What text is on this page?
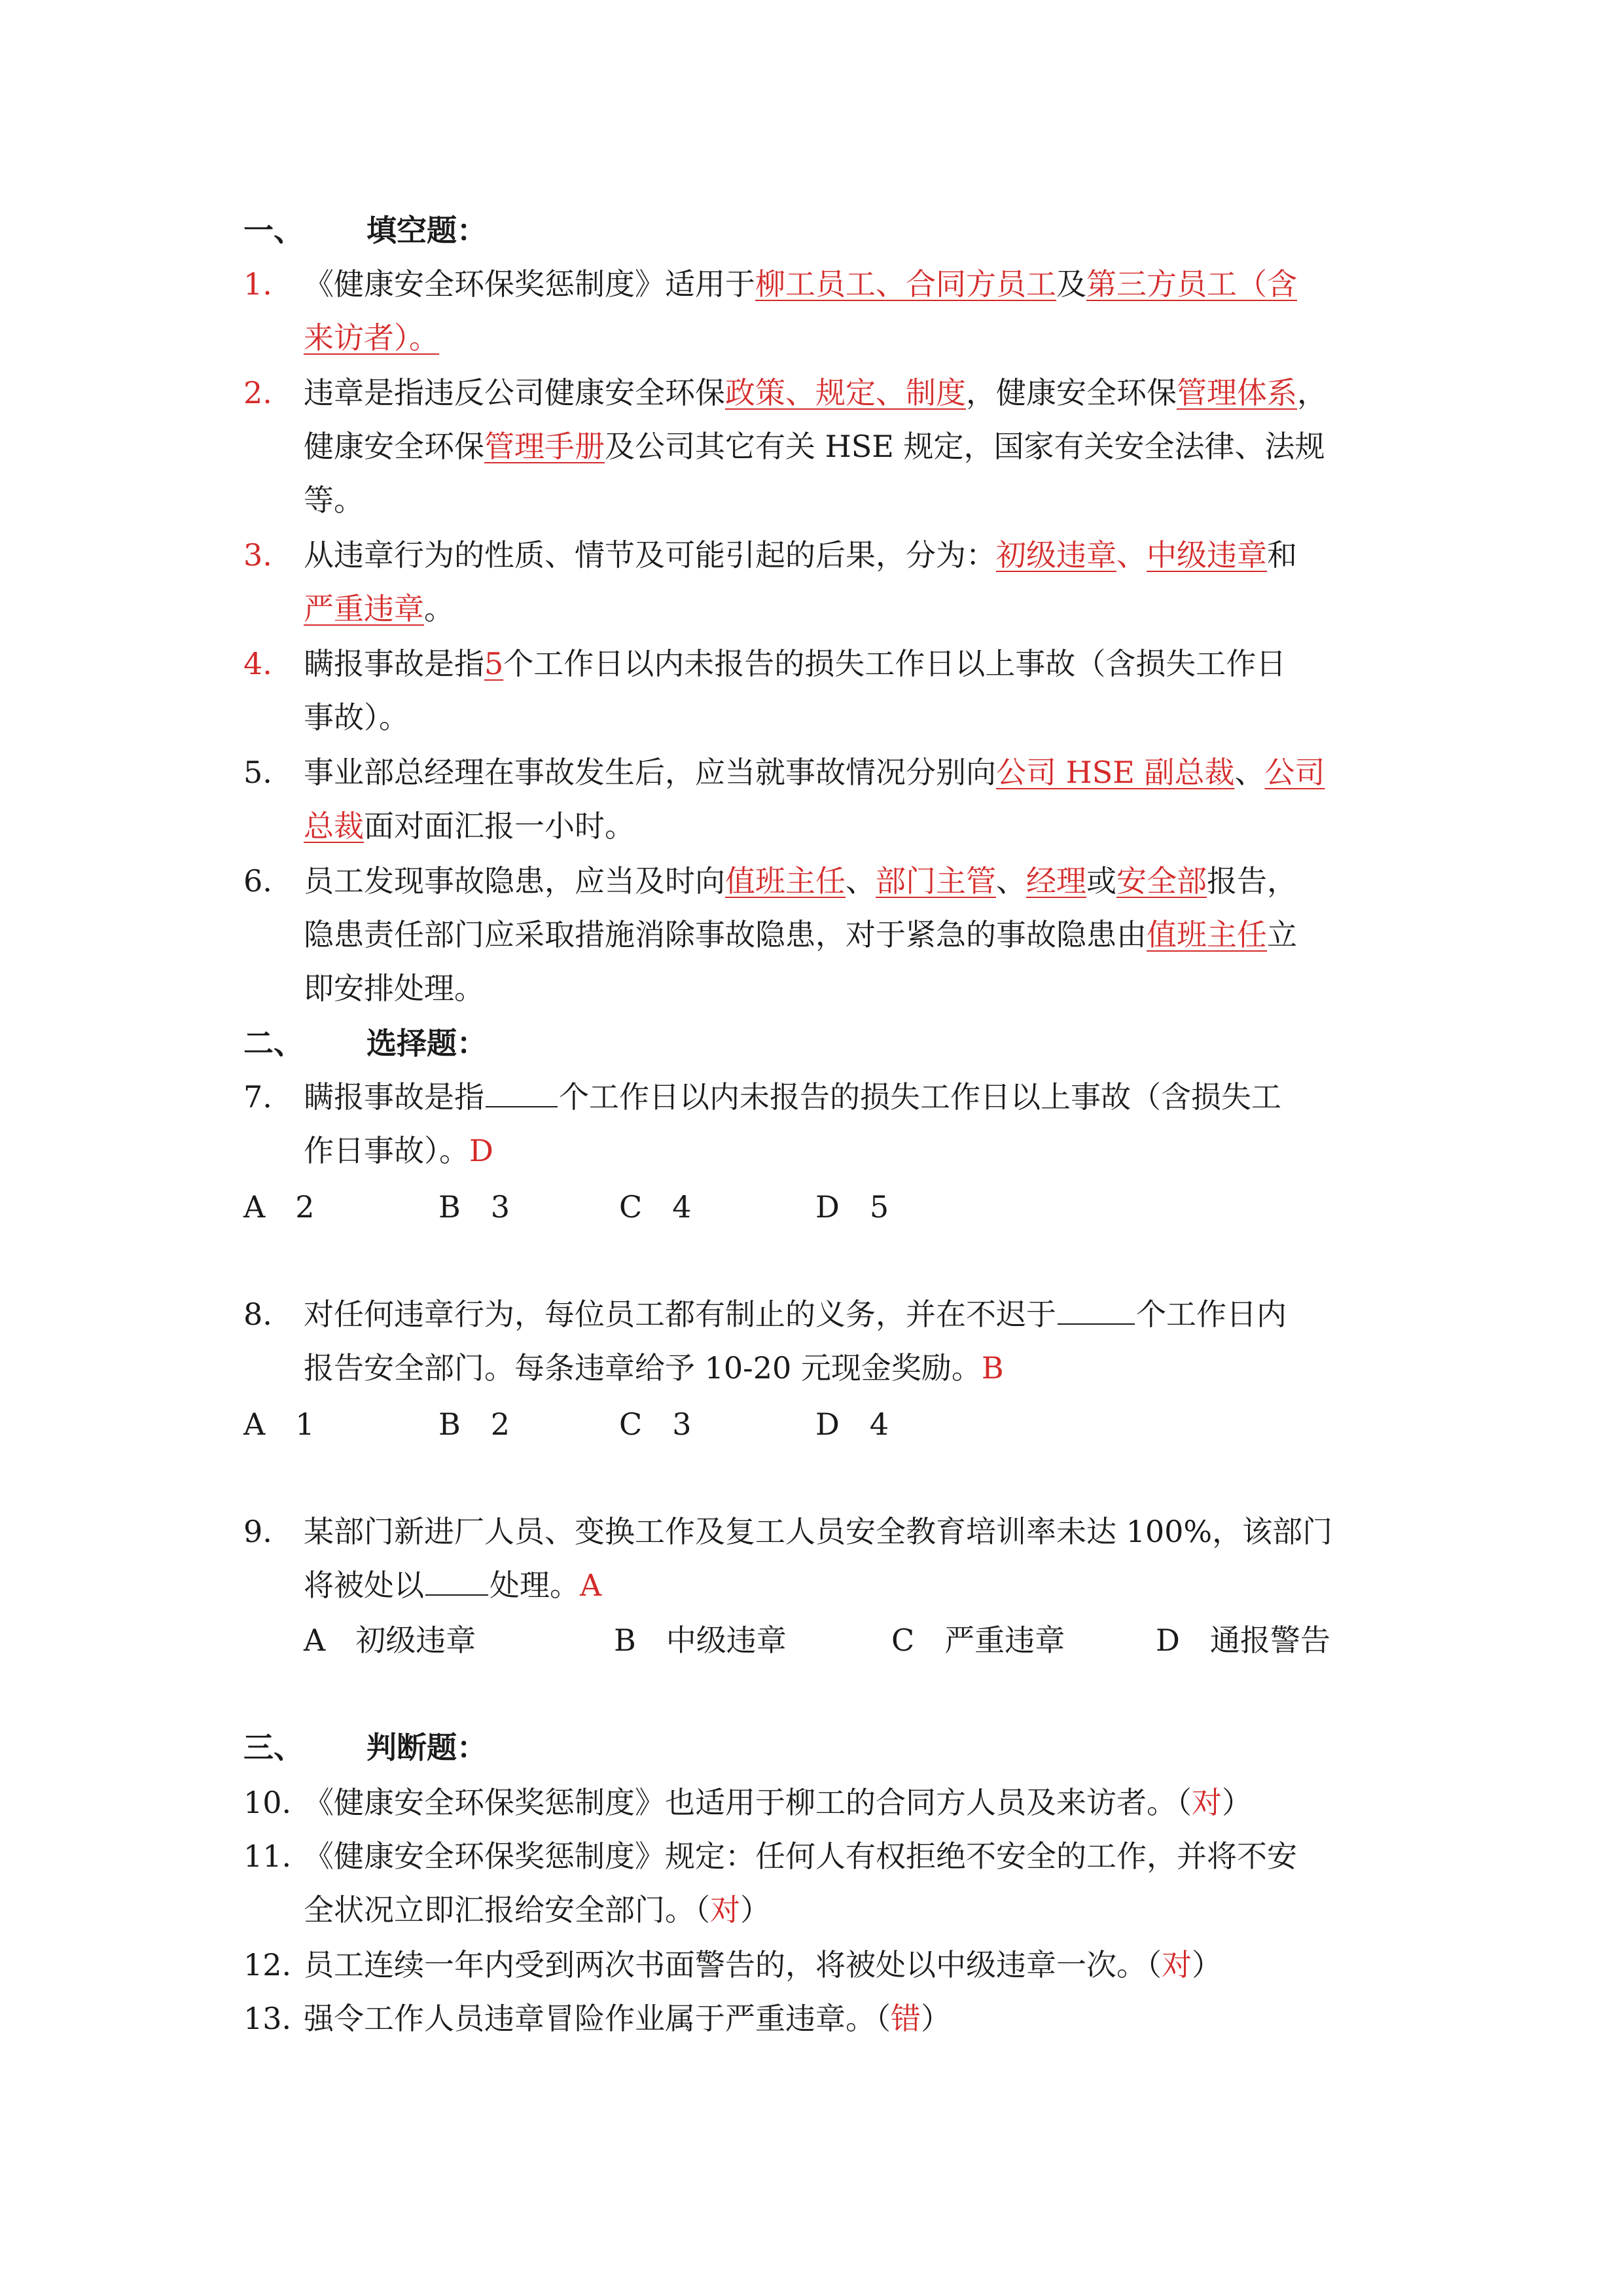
一、 填空题：
1. 《健康安全环保奖惩制度》适用于柳工员工、合同方员工及第三方员工（含
来访者）。
2. 违章是指违反公司健康安全环保政策、规定、制度，健康安全环保管理体系，
健康安全环保管理手册及公司其它有关 HSE 规定，国家有关安全法律、法规
等。
3. 从违章行为的性质、情节及可能引起的后果，分为：初级违章、中级违章和
严重违章。
4. 瞒报事故是指5个工作日以内未报告的损失工作日以上事故（含损失工作日
事故）。
5. 事业部总经理在事故发生后，应当就事故情况分别向公司 HSE 副总裁、公司
总裁面对面汇报一小时。
6. 员工发现事故隐患，应当及时向值班主任、部门主管、经理或安全部报告，
隐患责任部门应采取措施消除事故隐患，对于紧急的事故隐患由值班主任立
即安排处理。
二、 选择题：
7. 瞒报事故是指 个工作日以内未报告的损失工作日以上事故（含损失工
作日事故）。D
A　2	B　3	C　4	D　5
8. 对任何违章行为，每位员工都有制止的义务，并在不迟于	个工作日内
报告安全部门。每条违章给予 10-20 元现金奖励。B
A　1	B　2	C　3	D　4
9. 某部门新进厂人员、变换工作及复工人员安全教育培训率未达 100%，该部门
将被处以 处理。A
A　初级违章	B　中级违章	C　严重违章	D　通报警告
三、 判断题：
10. 《健康安全环保奖惩制度》也适用于柳工的合同方人员及来访者。（对）
11. 《健康安全环保奖惩制度》规定：任何人有权拒绝不安全的工作，并将不安
全状况立即汇报给安全部门。（对）
12. 员工连续一年内受到两次书面警告的，将被处以中级违章一次。（对）
13. 强令工作人员违章冒险作业属于严重违章。（错）
